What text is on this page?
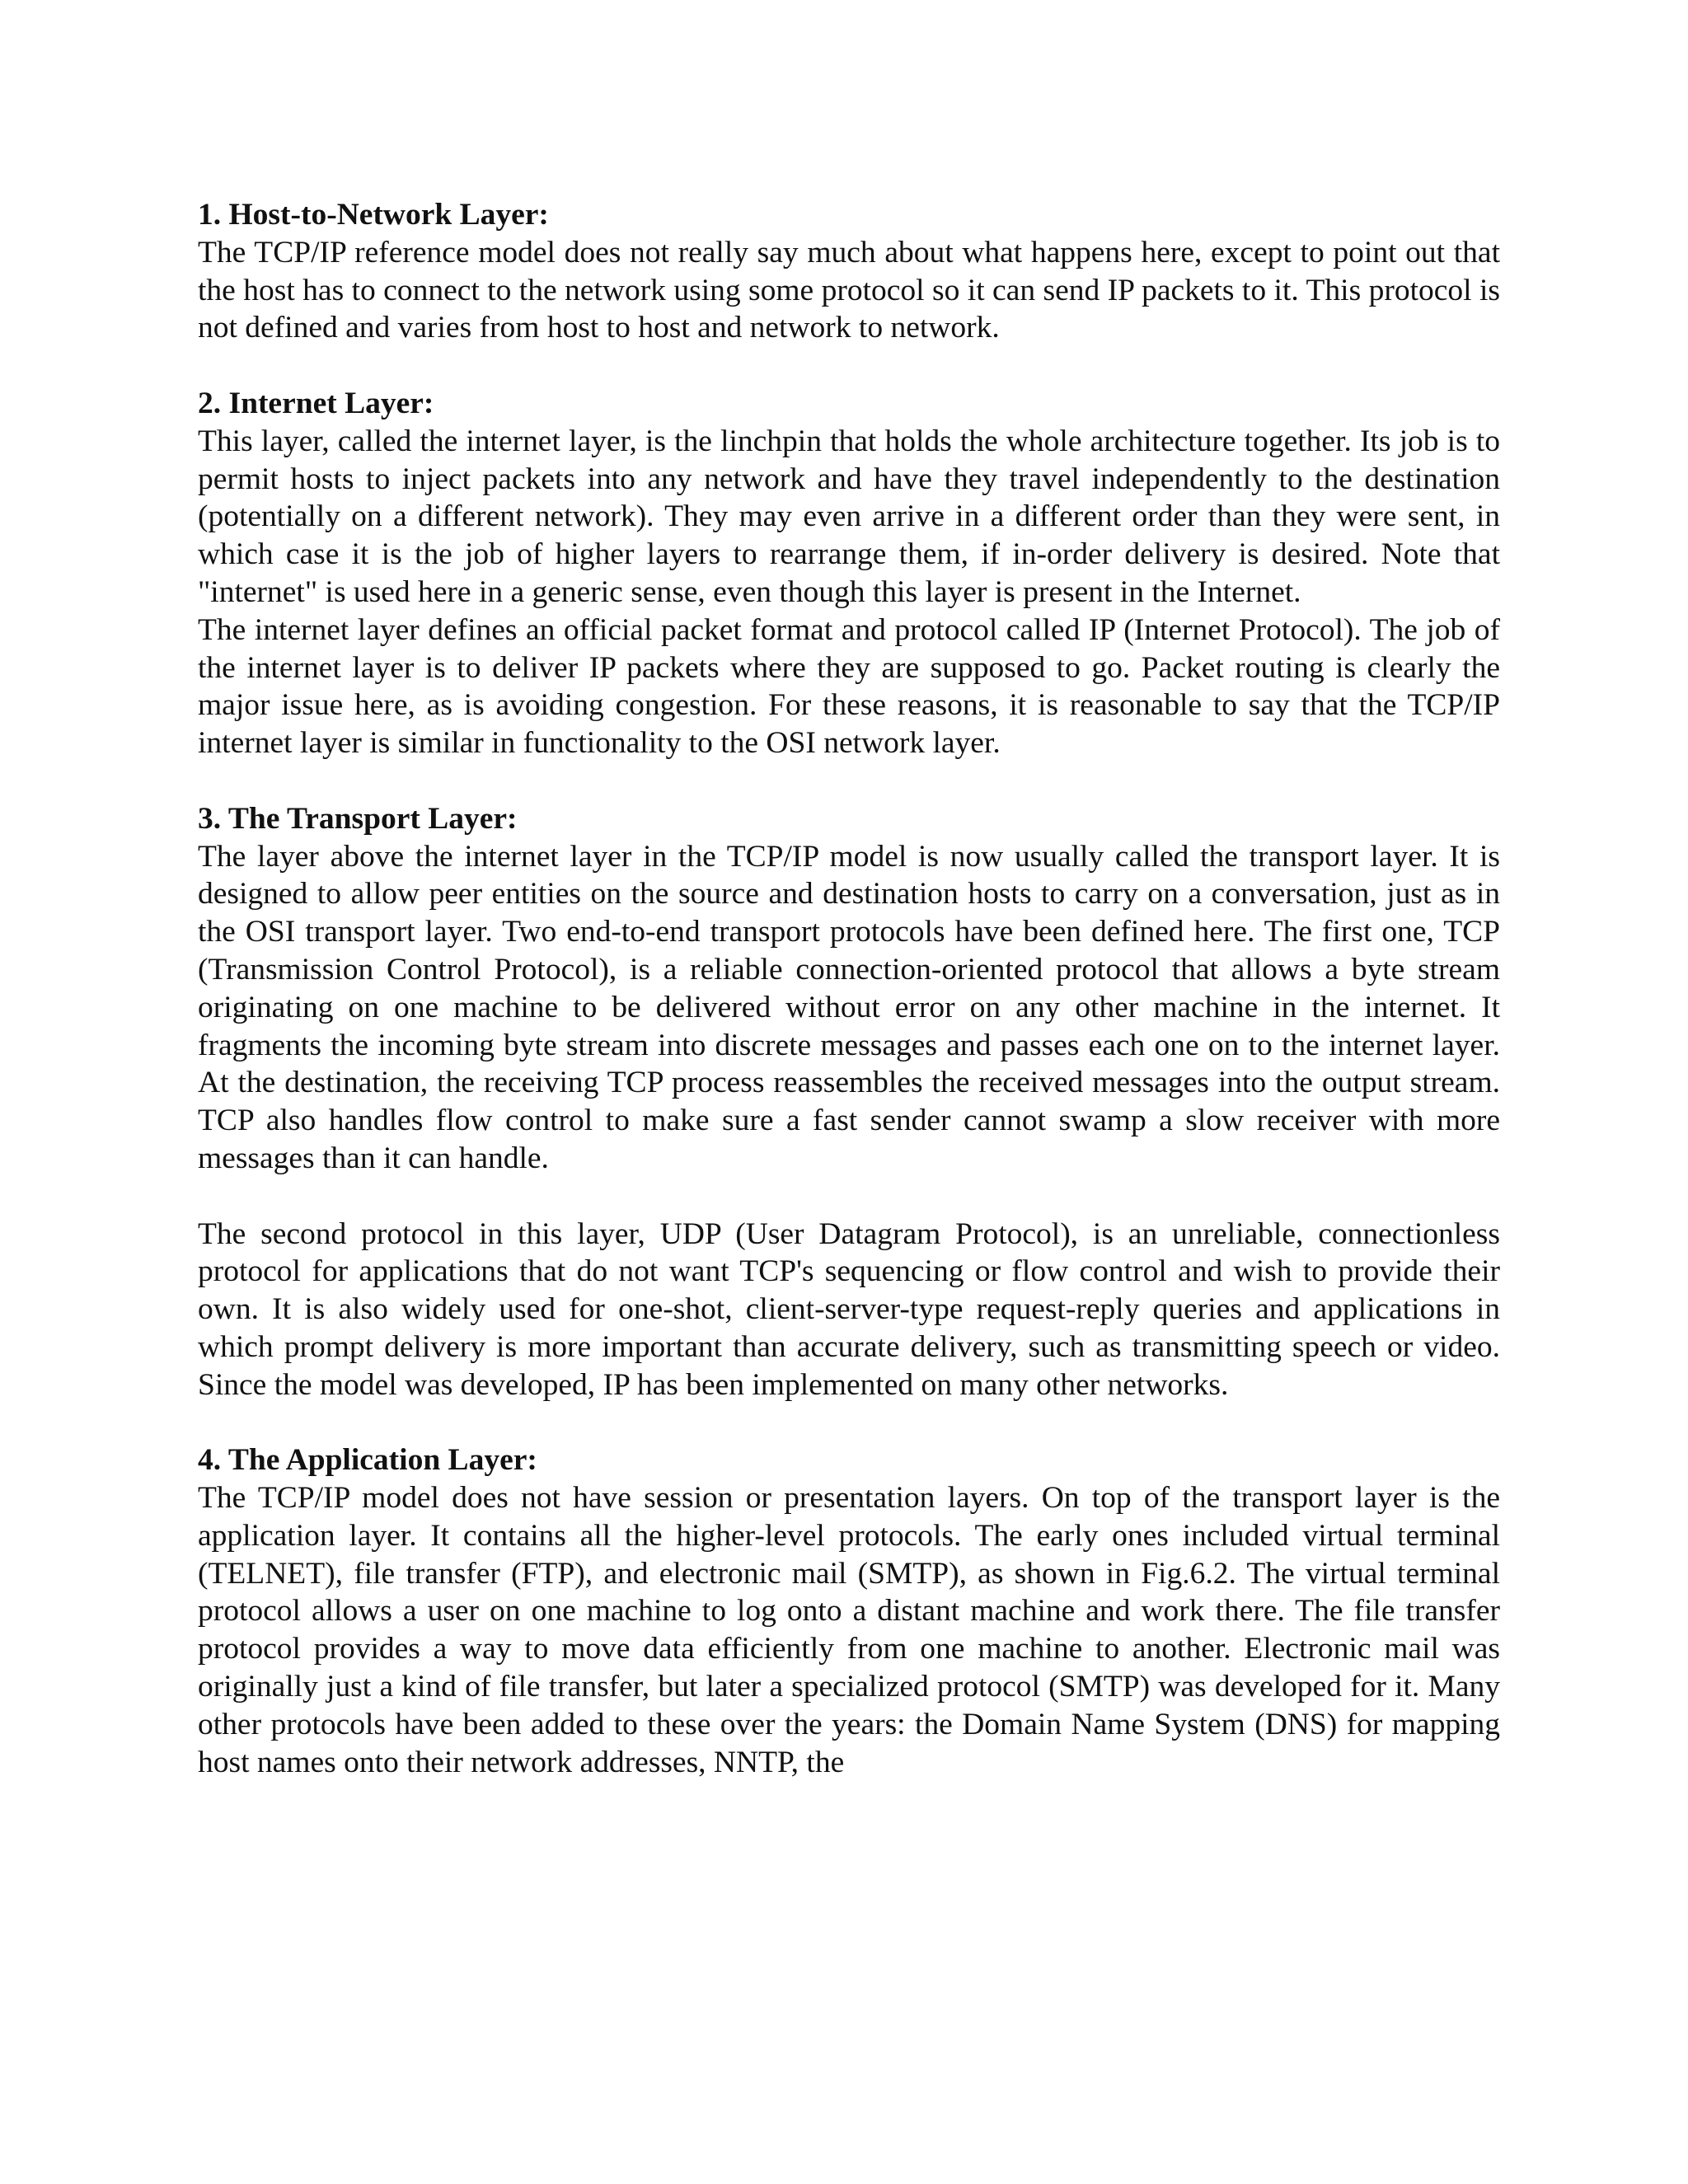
1. Host-to-Network Layer:

The TCP/IP reference model does not really say much about what happens here, except to point out that the host has to connect to the network using some protocol so it can send IP packets to it. This protocol is not defined and varies from host to host and network to network.

2. Internet Layer:

This layer, called the internet layer, is the linchpin that holds the whole architecture together. Its job is to permit hosts to inject packets into any network and have they travel independently to the destination (potentially on a different network). They may even arrive in a different order than they were sent, in which case it is the job of higher layers to rearrange them, if in-order delivery is desired. Note that "internet" is used here in a generic sense, even though this layer is present in the Internet.

The internet layer defines an official packet format and protocol called IP (Internet Protocol). The job of the internet layer is to deliver IP packets where they are supposed to go. Packet routing is clearly the major issue here, as is avoiding congestion. For these reasons, it is reasonable to say that the TCP/IP internet layer is similar in functionality to the OSI network layer.

3. The Transport Layer:

The layer above the internet layer in the TCP/IP model is now usually called the transport layer. It is designed to allow peer entities on the source and destination hosts to carry on a conversation, just as in the OSI transport layer. Two end-to-end transport protocols have been defined here. The first one, TCP (Transmission Control Protocol), is a reliable connection-oriented protocol that allows a byte stream originating on one machine to be delivered without error on any other machine in the internet. It fragments the incoming byte stream into discrete messages and passes each one on to the internet layer. At the destination, the receiving TCP process reassembles the received messages into the output stream. TCP also handles flow control to make sure a fast sender cannot swamp a slow receiver with more messages than it can handle.

The second protocol in this layer, UDP (User Datagram Protocol), is an unreliable, connectionless protocol for applications that do not want TCP's sequencing or flow control and wish to provide their own. It is also widely used for one-shot, client-server-type request-reply queries and applications in which prompt delivery is more important than accurate delivery, such as transmitting speech or video. Since the model was developed, IP has been implemented on many other networks.

4. The Application Layer:

The TCP/IP model does not have session or presentation layers. On top of the transport layer is the application layer. It contains all the higher-level protocols. The early ones included virtual terminal (TELNET), file transfer (FTP), and electronic mail (SMTP), as shown in Fig.6.2. The virtual terminal protocol allows a user on one machine to log onto a distant machine and work there. The file transfer protocol provides a way to move data efficiently from one machine to another. Electronic mail was originally just a kind of file transfer, but later a specialized protocol (SMTP) was developed for it. Many other protocols have been added to these over the years: the Domain Name System (DNS) for mapping host names onto their network addresses, NNTP, the
